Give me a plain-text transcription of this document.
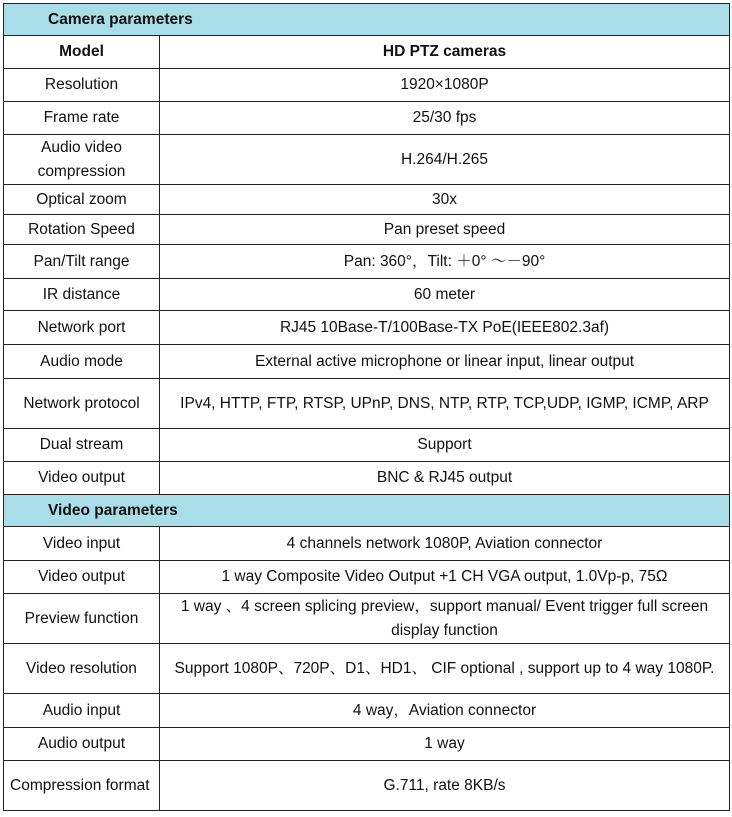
Camera parameters	
Model	HD PTZ cameras
Resolution	1920×1080P
Frame rate	25/30 fps
Audio video compression	H.264/H.265
Optical zoom	30x
Rotation Speed	Pan preset speed
Pan/Tilt range	Pan: 360°，Tilt: ＋0° ～－90°
IR distance	60 meter
Network port	RJ45 10Base-T/100Base-TX PoE(IEEE802.3af)
Audio mode	External active microphone or linear input, linear output
Network protocol	IPv4, HTTP, FTP, RTSP, UPnP, DNS, NTP, RTP, TCP,UDP, IGMP, ICMP, ARP
Dual stream	Support
Video output	BNC & RJ45 output
Video parameters	
Video input	4 channels network 1080P, Aviation connector
Video output	1 way Composite Video Output +1 CH VGA output, 1.0Vp-p, 75Ω
Preview function	1 way 、4 screen splicing preview，support manual/ Event trigger full screen display function
Video resolution	Support 1080P、720P、D1、HD1、 CIF optional , support up to 4 way 1080P.
Audio input	4 way，Aviation connector
Audio output	1 way
Compression format	G.711, rate 8KB/s
